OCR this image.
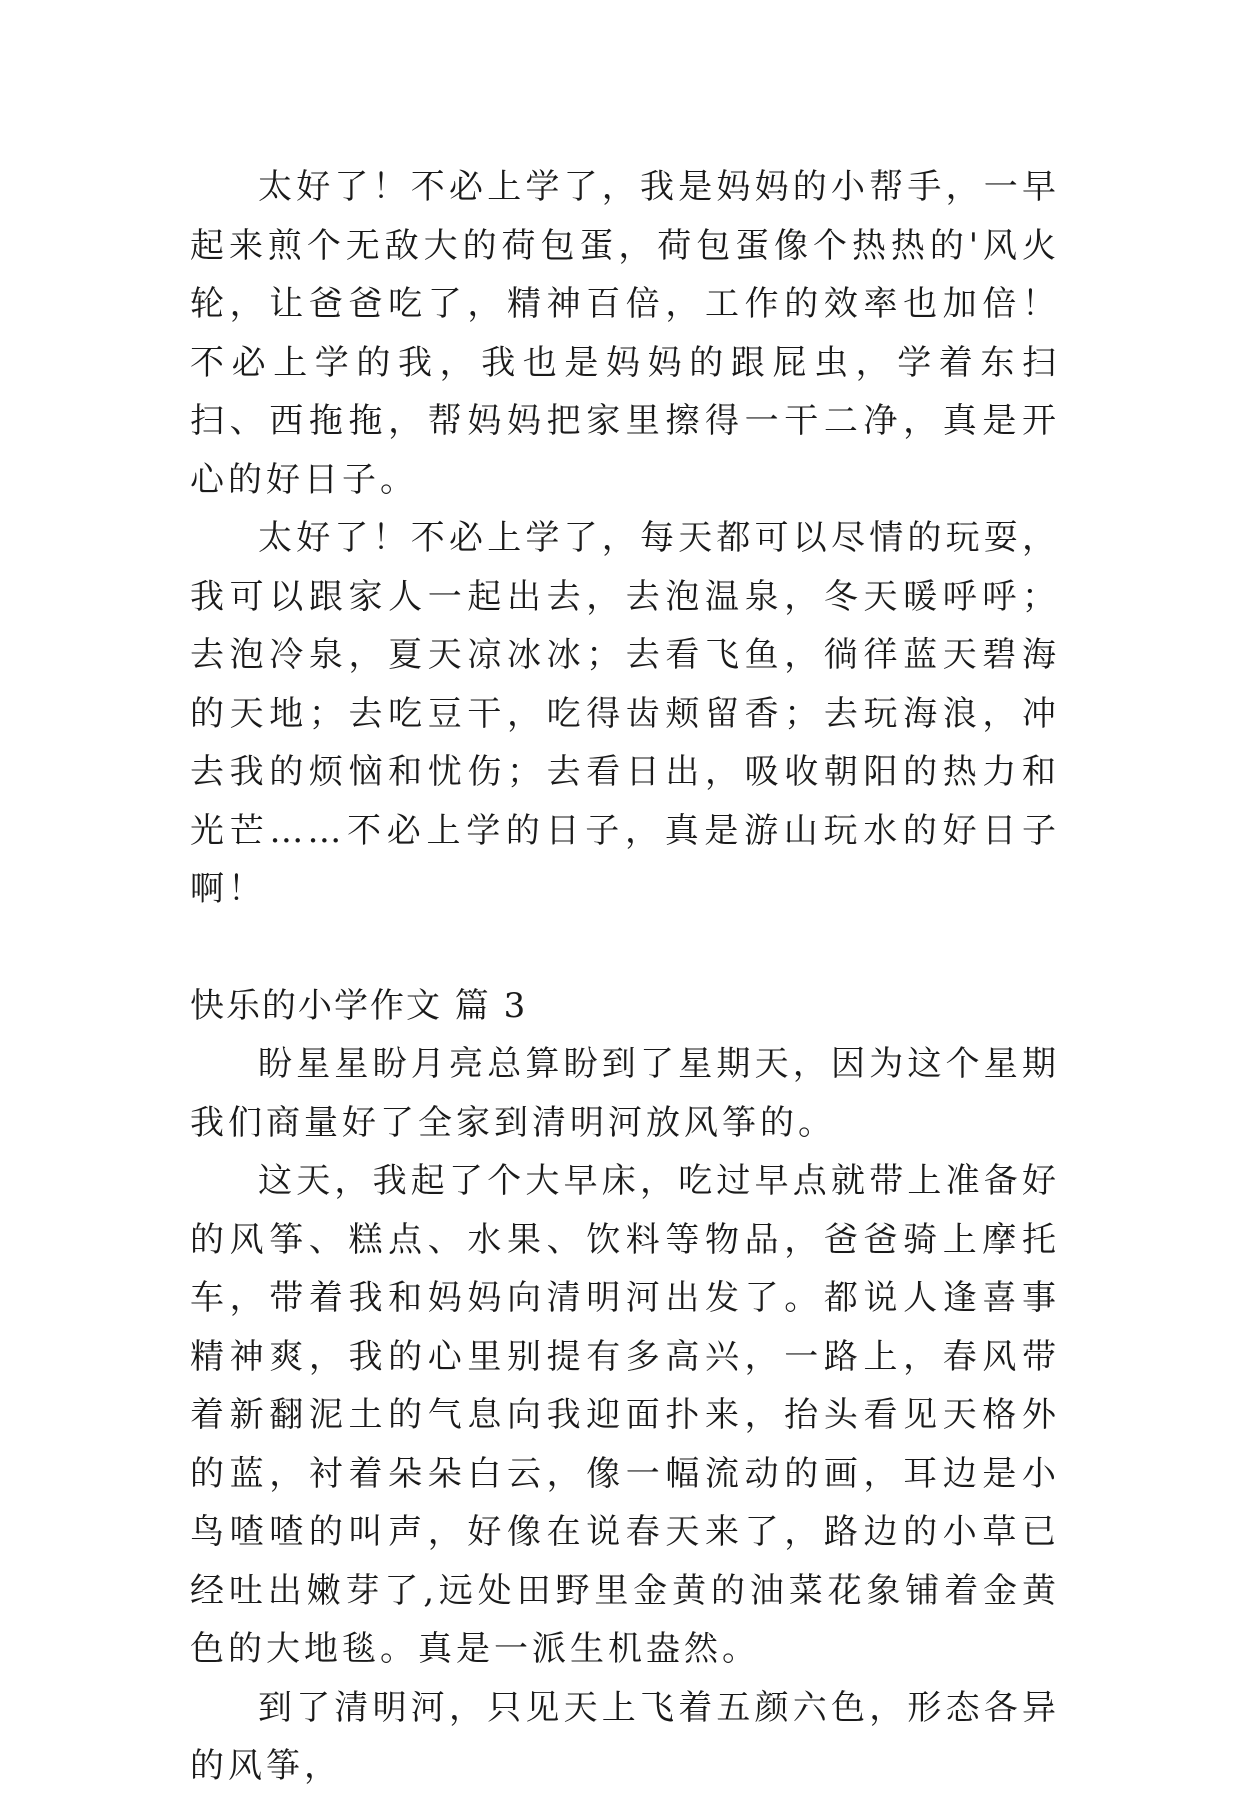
太好了！不必上学了，我是妈妈的小帮手，一早起来煎个无敌大的荷包蛋，荷包蛋像个热热的'风火轮，让爸爸吃了，精神百倍，工作的效率也加倍！不必上学的我，我也是妈妈的跟屁虫，学着东扫扫、西拖拖，帮妈妈把家里擦得一干二净，真是开心的好日子。

太好了！不必上学了，每天都可以尽情的玩耍，我可以跟家人一起出去，去泡温泉，冬天暖呼呼；去泡冷泉，夏天凉冰冰；去看飞鱼，徜徉蓝天碧海的天地；去吃豆干，吃得齿颊留香；去玩海浪，冲去我的烦恼和忧伤；去看日出，吸收朝阳的热力和光芒……不必上学的日子，真是游山玩水的好日子啊！

快乐的小学作文 篇 3

盼星星盼月亮总算盼到了星期天，因为这个星期我们商量好了全家到清明河放风筝的。

这天，我起了个大早床，吃过早点就带上准备好的风筝、糕点、水果、饮料等物品，爸爸骑上摩托车，带着我和妈妈向清明河出发了。都说人逢喜事精神爽，我的心里别提有多高兴，一路上，春风带着新翻泥土的气息向我迎面扑来，抬头看见天格外的蓝，衬着朵朵白云，像一幅流动的画，耳边是小鸟喳喳的叫声，好像在说春天来了，路边的小草已经吐出嫩芽了,远处田野里金黄的油菜花象铺着金黄色的大地毯。真是一派生机盎然。

到了清明河，只见天上飞着五颜六色，形态各异的风筝，
